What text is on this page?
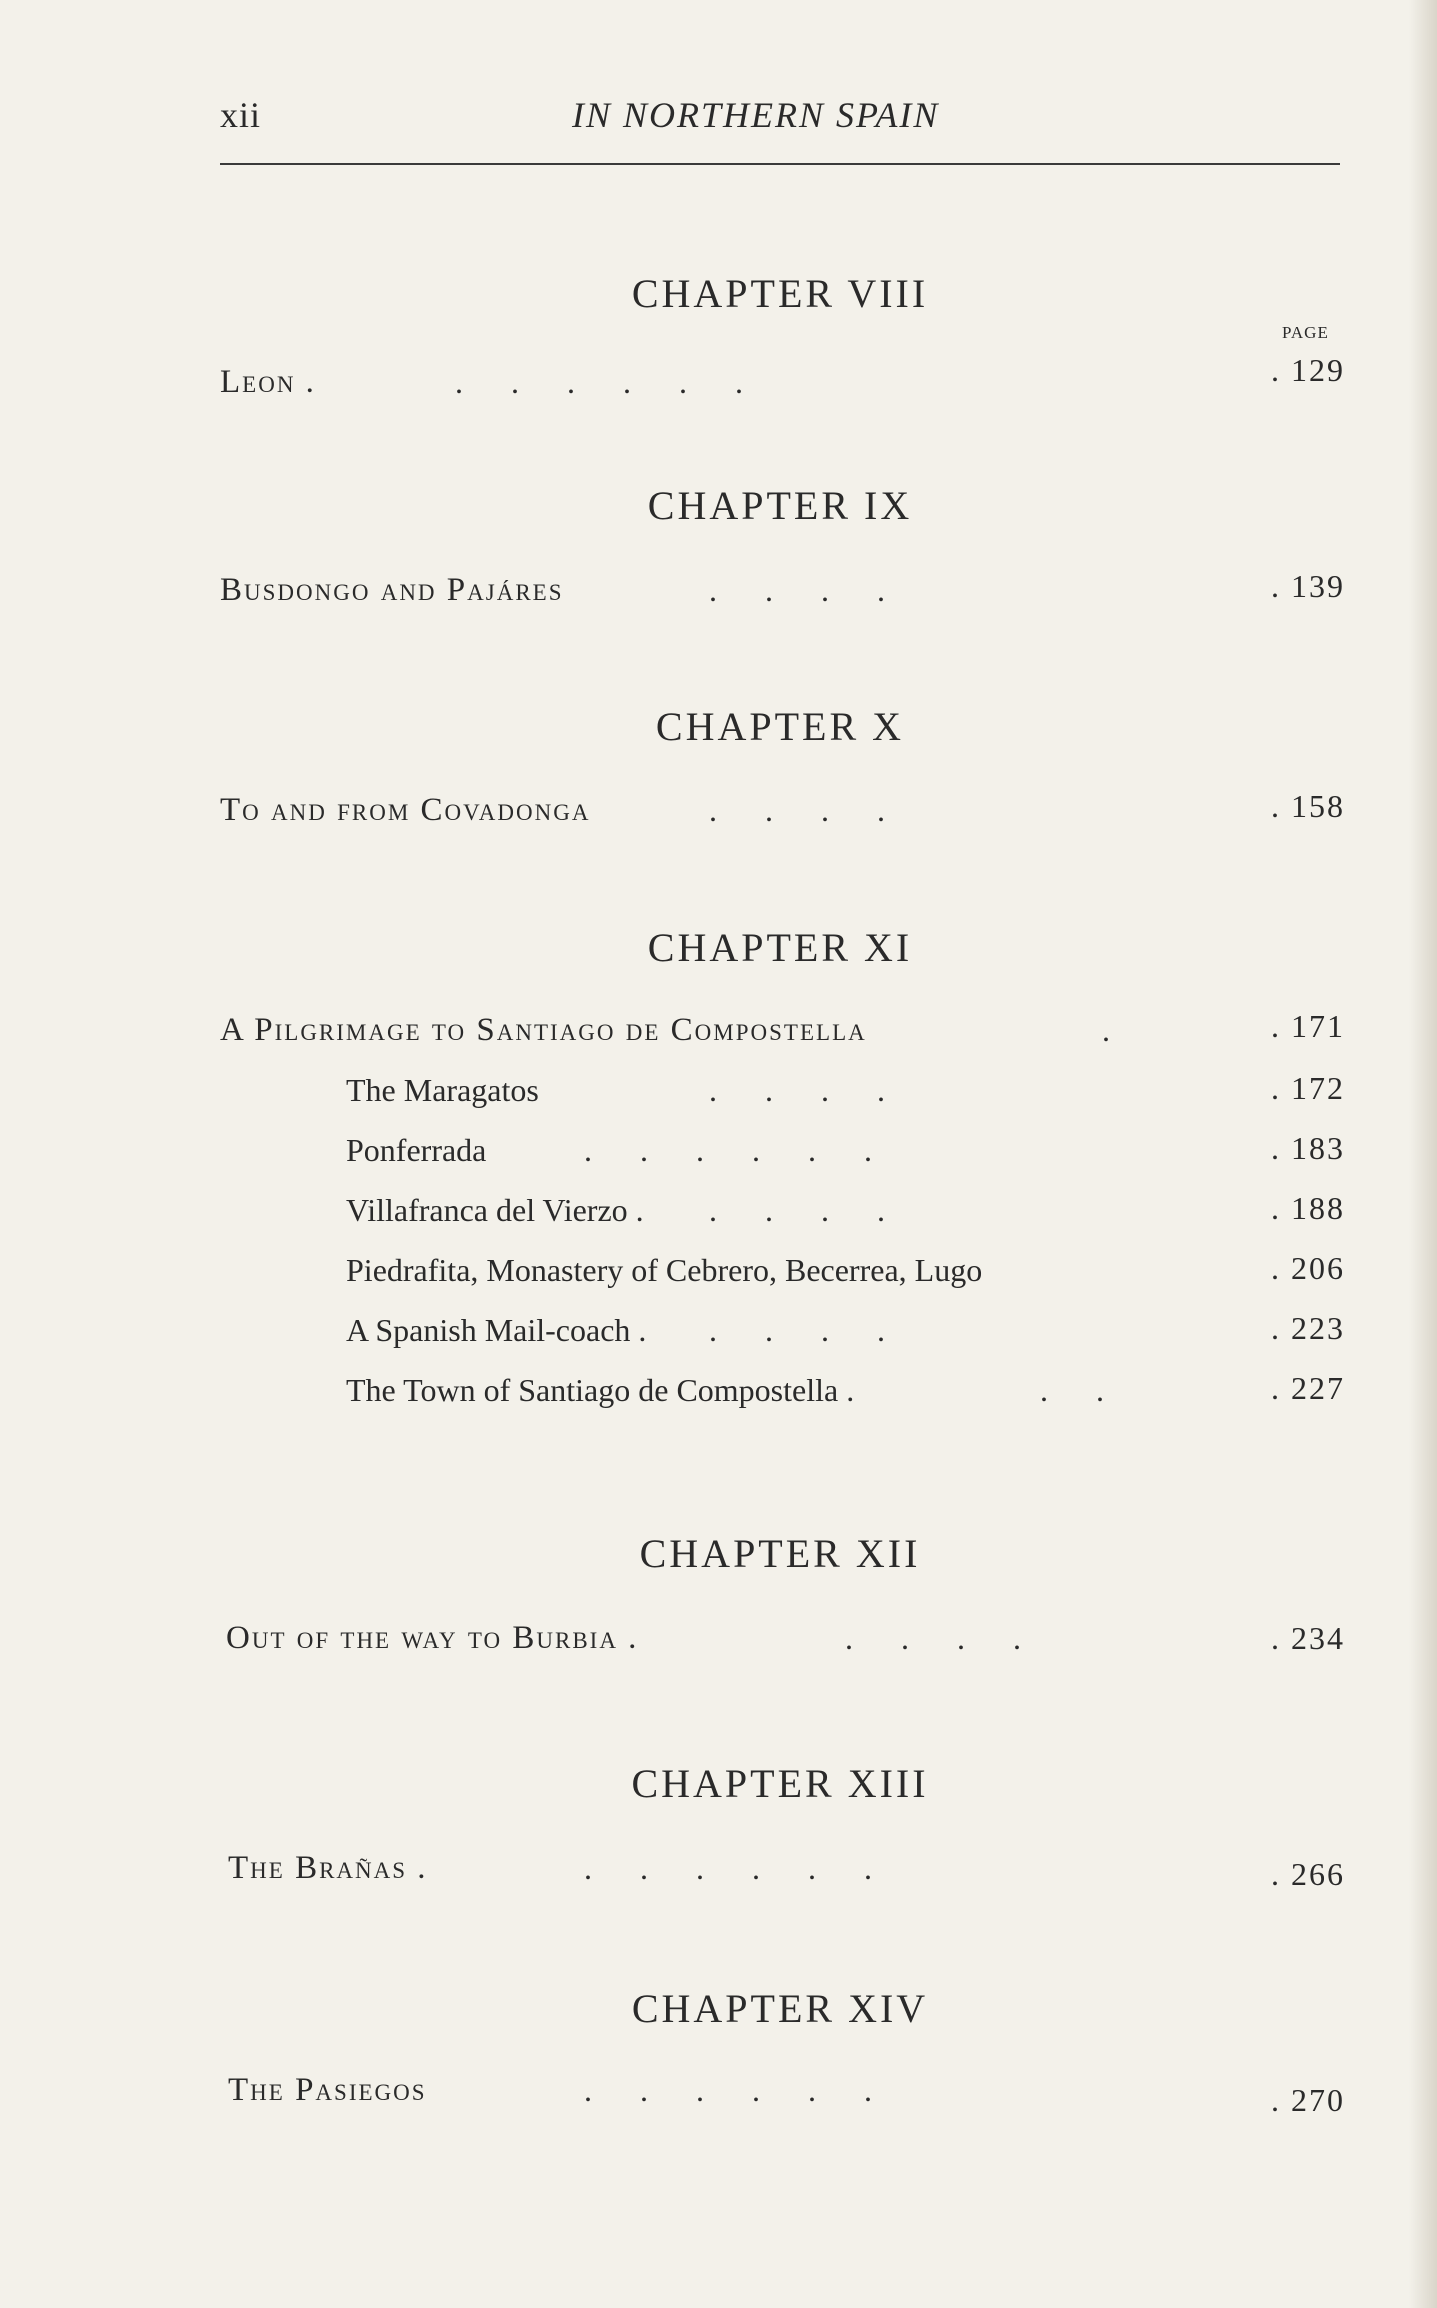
xii	IN NORTHERN SPAIN
CHAPTER VIII
PAGE
Leon .	.      .      .      .      .      .	. 129
CHAPTER IX
Busdongo and Pajáres	.      .      .      .	. 139
CHAPTER X
To and from Covadonga	.      .      .      .	. 158
CHAPTER XI
A Pilgrimage to Santiago de Compostella	.	. 171
The Maragatos	.      .      .      .	. 172
Ponferrada	.      .      .      .      .      .	. 183
Villafranca del Vierzo . .      .      .      .	. 188
Piedrafita, Monastery of Cebrero, Becerrea, Lugo	. 206
A Spanish Mail-coach . .      .      .      .	. 223
The Town of Santiago de Compostella .	.      .	. 227
CHAPTER XII
Out of the way to Burbia .	.      .      .      .	. 234
CHAPTER XIII
The Brañas .	.      .      .      .      .      .	. 266
CHAPTER XIV
The Pasiegos	.      .      .      .      .      .	. 270
